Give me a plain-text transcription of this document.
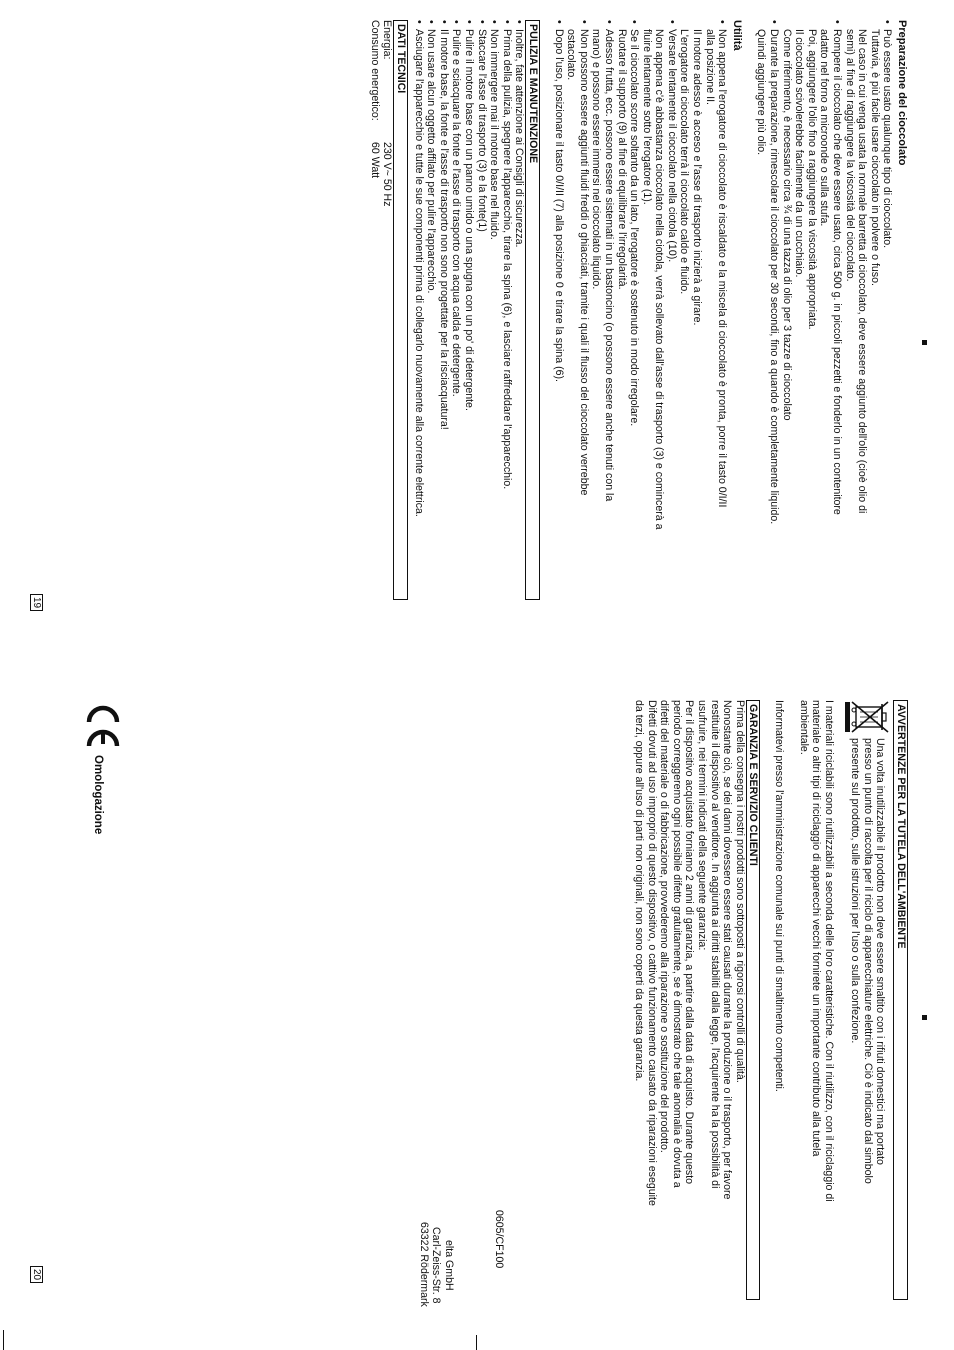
Preparazione del cioccolato
• Può essere usato qualunque tipo di cioccolato.
Tuttavia, è più facile usare cioccolato in polvere o fuso.
Nel caso in cui venga usata la normale barretta di cioccolato, deve essere aggiunto dell'olio (cioè olio di
semi) al fine di raggiungere la viscosità del cioccolato.
• Rompere il cioccolato che deve essere usato, circa 500 g. in piccoli pezzetti e fonderlo in un contenitore
adatto nel forno a microonde o sulla stufa.
Poi, aggiungere l'olio fino a raggiungere la viscosità appropriata.
Il cioccolato scivolerebbe facilmente da un cucchiaio.
Come riferimento, è necessario circa ¾ di una tazza di olio per 3 tazze di cioccolato
• Durante la preparazione, rimescolare il cioccolato per 30 secondi, fino a quando è completamente liquido.
Quindi aggiungere più olio.
Utilità
• Non appena l'erogatore di cioccolato è riscaldato e la miscela di cioccolato è pronta, porre il tasto 0/I/II
alla posizione II.
Il motore adesso è acceso e l'asse di trasporto inizierà a girare.
L'erogatore di cioccolato terrà il cioccolato caldo e fluido.
• Versare lentamente il cioccolato nella ciotola (10).
Non appena c'è abbastanza cioccolato nella ciotola, verrà sollevato dall'asse di trasporto (3) e comincerà a
fluire lentamente sotto l'erogatore (1).
• Se il cioccolato scorre soltanto da un lato, l'erogatore è sostenuto in modo irregolare.
Ruotare il supporto (9) al fine di equilibrare l'irregolarità.
• Adesso frutta, ecc. possono essere sistemati in un bastoncino (o possono essere anche tenuti con la
mano) e possono essere immersi nel cioccolato liquido.
• Non possono essere aggiunti fluidi freddi o ghiacciati, tramite i quali il flusso del cioccolato verrebbe
ostacolato.
• Dopo l'uso, posizionare il tasto 0/I/II (7) alla posizione 0 e tirare la spina (6).
PULIZIA E MANUTENZIONE
• Inoltre, fate attenzione ai Consigli di sicurezza.
• Prima della pulizia, spegnere l'apparecchio, tirare la spina (6), e lasciare raffreddare l'apparecchio.
• Non immergere mai il motore base nel fluido.
• Staccare l'asse di trasporto (3) e la fonte(1)
• Pulire il motore base con un panno umido o una spugna con un po' di detergente.
• Pulire e sciacquare la fonte e l'asse di trasporto con acqua calda e detergente.
• Il motore base, la fonte e l'asse di trasporto non sono progettate per la risciacquatura!
• Non usare alcun oggetto affilato per pulire l'apparecchio.
• Asciugare l'apparecchio e tutte le sue componenti prima di collegarlo nuovamente alla corrente elettrica.
DATI TECNICI
Energia:
230 V~ 50 Hz
Consumo energetico:
60 Watt
19
AVVERTENZE PER LA TUTELA DELL'AMBIENTE
Una volta inutilizzabile il prodotto non deve essere smaltito con i rifiuti domestici ma portato
presso un punto di raccolta per il riciclo di apparecchiature elettriche. Ciò è indicato dal simbolo
presente sul prodotto, sulle istruzioni per l'uso o sulla confezione.
I materiali riciclabili sono riutilizzabili a seconda delle loro caratteristiche. Con il riutilizzo, con il riciclaggio di
materiale o altri tipi di riciclaggio di apparecchi vecchi fornirete un importante contributo alla tutela
ambientale.

Informatevi presso l'amministrazione comunale sui punti di smaltimento competenti.

GARANZIA E SERVIZIO CLIENTI
Prima della consegna i nostri prodotti sono sottoposti a rigorosi controlli di qualità.
Nonostante ciò, se dei danni dovessero essere stati causati durante la produzione o il trasporto, per favore
restituite il dispositivo al venditore. In aggiunta ai diritti stabiliti dalla legge, l'acquirente ha la possibilità di
usufruire, nei termini indicati della seguente garanzia:
Per il dispositivo acquistato forniamo 2 anni di garanzia, a partire dalla data di acquisto. Durante questo
periodo correggeremo ogni possibile difetto gratuitamente, se è dimostrato che tale anomalia è dovuta a
difetti del materiale o di fabbricazione, provvederemo alla riparazione o sostituzione del prodotto.
Difetti dovuti ad uso improprio di questo dispositivo, o cattivo funzionamento causato da riparazioni eseguite
da terzi, oppure all'uso di parti non originali, non sono coperti da questa garanzia.
0605/CF100
elta GmbH
Carl-Zeiss-Str. 8
63322 Rödermark
Omologazione
20
